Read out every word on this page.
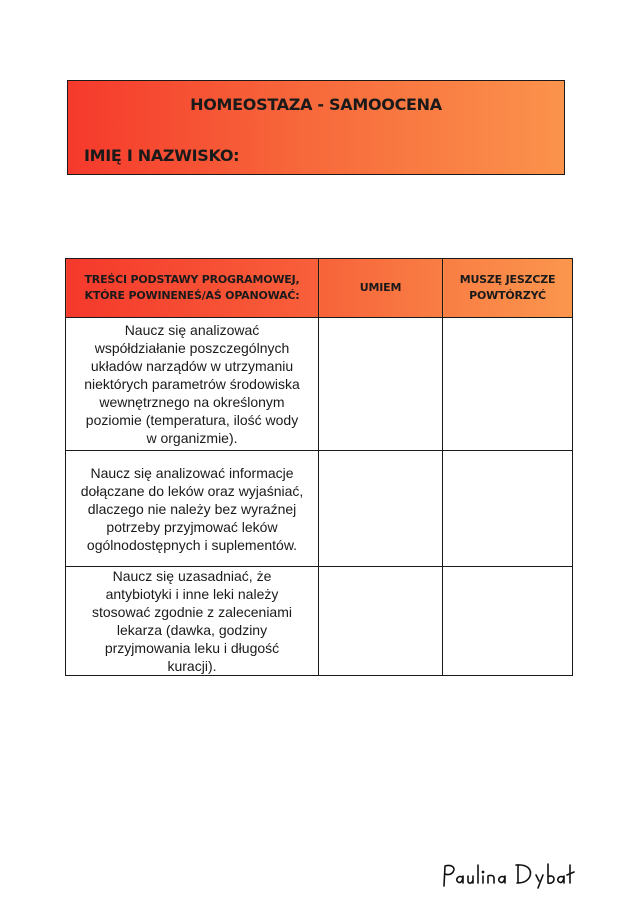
HOMEOSTAZA - SAMOOCENA
IMIĘ I NAZWISKO:
TREŚCI PODSTAWY PROGRAMOWEJ, KTÓRE POWINENEŚ/AŚ OPANOWAĆ:	UMIEM	MUSZĘ JESZCZE POWTÓRZYĆ
Naucz się analizować współdziałanie poszczególnych układów narządów w utrzymaniu niektórych parametrów środowiska wewnętrznego na określonym poziomie (temperatura, ilość wody w organizmie).		
Naucz się analizować informacje dołączane do leków oraz wyjaśniać, dlaczego nie należy bez wyraźnej potrzeby przyjmować leków ogólnodostępnych i suplementów.		
Naucz się uzasadniać, że antybiotyki i inne leki należy stosować zgodnie z zaleceniami lekarza (dawka, godziny przyjmowania leku i długość kuracji).		
